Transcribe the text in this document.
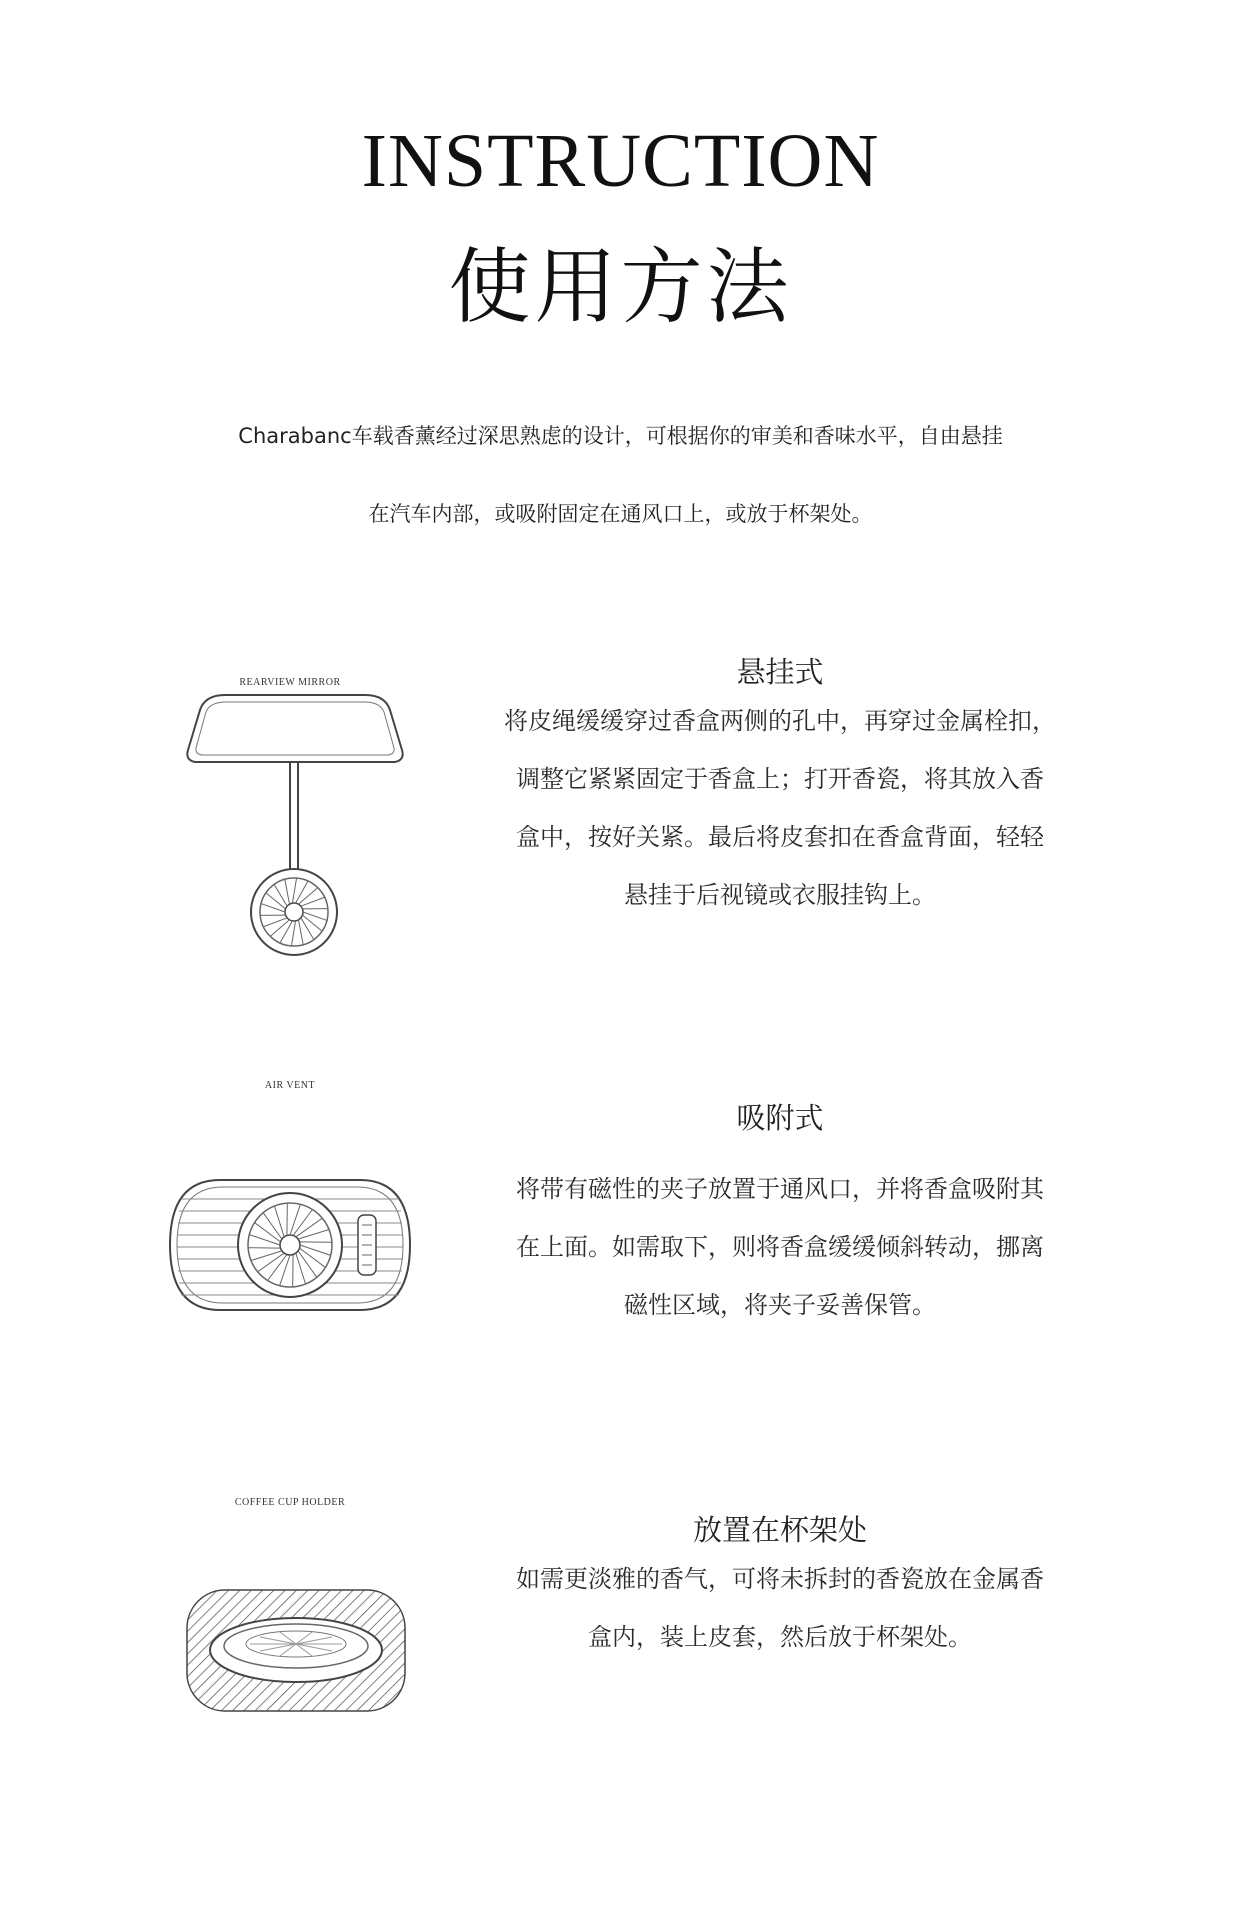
INSTRUCTION
使用方法
Charabanc车载香薰经过深思熟虑的设计，可根据你的审美和香味水平，自由悬挂
在汽车内部，或吸附固定在通风口上，或放于杯架处。
REARVIEW MIRROR	悬挂式
将皮绳缓缓穿过香盒两侧的孔中，再穿过金属栓扣，
调整它紧紧固定于香盒上；打开香瓷，将其放入香
盒中，按好关紧。最后将皮套扣在香盒背面，轻轻
悬挂于后视镜或衣服挂钩上。
AIR VENT
吸附式
将带有磁性的夹子放置于通风口，并将香盒吸附其
在上面。如需取下，则将香盒缓缓倾斜转动，挪离
磁性区域，将夹子妥善保管。
COFFEE CUP HOLDER
放置在杯架处
如需更淡雅的香气，可将未拆封的香瓷放在金属香
盒内，装上皮套，然后放于杯架处。
